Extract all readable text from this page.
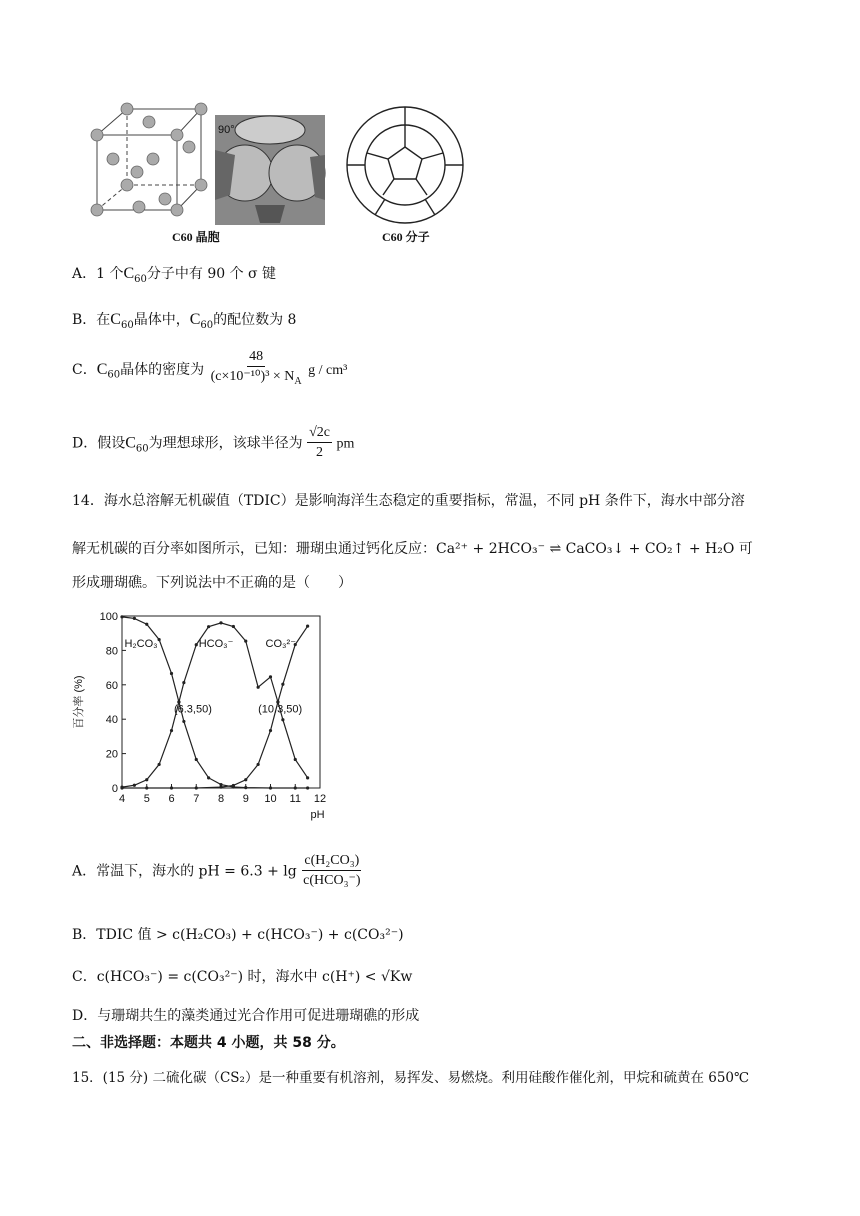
90°
C60 晶胞	C60 分子
A．1 个$C_{60}$分子中有 90 个 σ 键
B．在$C_{60}$晶体中，$C_{60}$的配位数为 8
C．$C_{60}$晶体的密度为 $\frac{48}{(c\times 10^{-10})^3 \times N_A}$ g / cm³
D．假设$C_{60}$为理想球形，该球半径为 $\frac{√2c}{2}$ pm
14．海水总溶解无机碳值（TDIC）是影响海洋生态稳定的重要指标，常温，不同 pH 条件下，海水中部分溶
解无机碳的百分率如图所示，已知：珊瑚虫通过钙化反应：Ca²⁺ + 2HCO₃⁻ ⇌ CaCO₃↓ + CO₂↑ + H₂O 可
形成珊瑚礁。下列说法中不正确的是（　　）
4 5 6 7 8 9 10 11 12
0
20
40
60
80
100
pH
百分率 (%)
H₂CO₃	HCO₃⁻	CO₃²⁻
(6.3,50)	(10.3,50)
A．常温下，海水的 pH = $6.3 + \lg \frac{\text{c(H₂CO₃)}}{\text{c(HCO₃⁻)}}$
B．TDIC 值 > c(H₂CO₃) + c(HCO₃⁻) + c(CO₃²⁻)
C．c(HCO₃⁻) = c(CO₃²⁻) 时，海水中 c(H⁺) < √Kw
D．与珊瑚共生的藻类通过光合作用可促进珊瑚礁的形成
二、非选择题：本题共 4 小题，共 58 分。
15．(15 分) 二硫化碳（CS₂）是一种重要有机溶剂，易挥发、易燃烧。利用硅酸作催化剂，甲烷和硫黄在 650℃
